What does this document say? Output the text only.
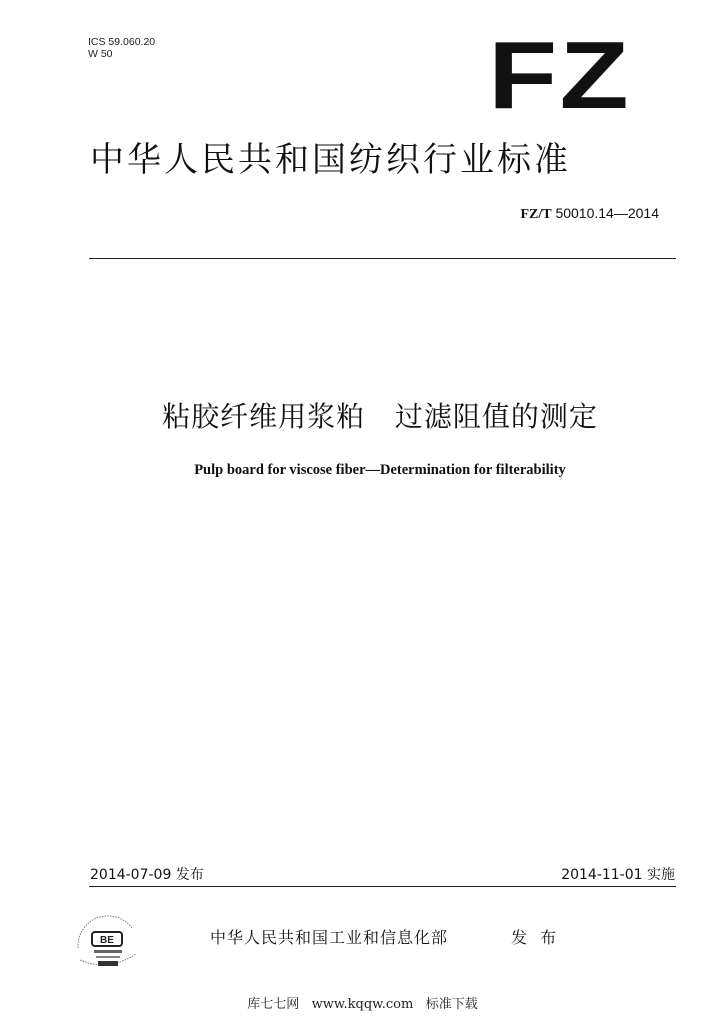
ICS 59.060.20
W 50	FZ
中华人民共和国纺织行业标准
FZ/T 50010.14—2014
粘胶纤维用浆粕   过滤阻值的测定
Pulp board for viscose fiber—Determination for filterability
2014-07-09 发布	2014-11-01 实施
BE	中华人民共和国工业和信息化部	发 布
库七七网   www.kqqw.com   标准下载
